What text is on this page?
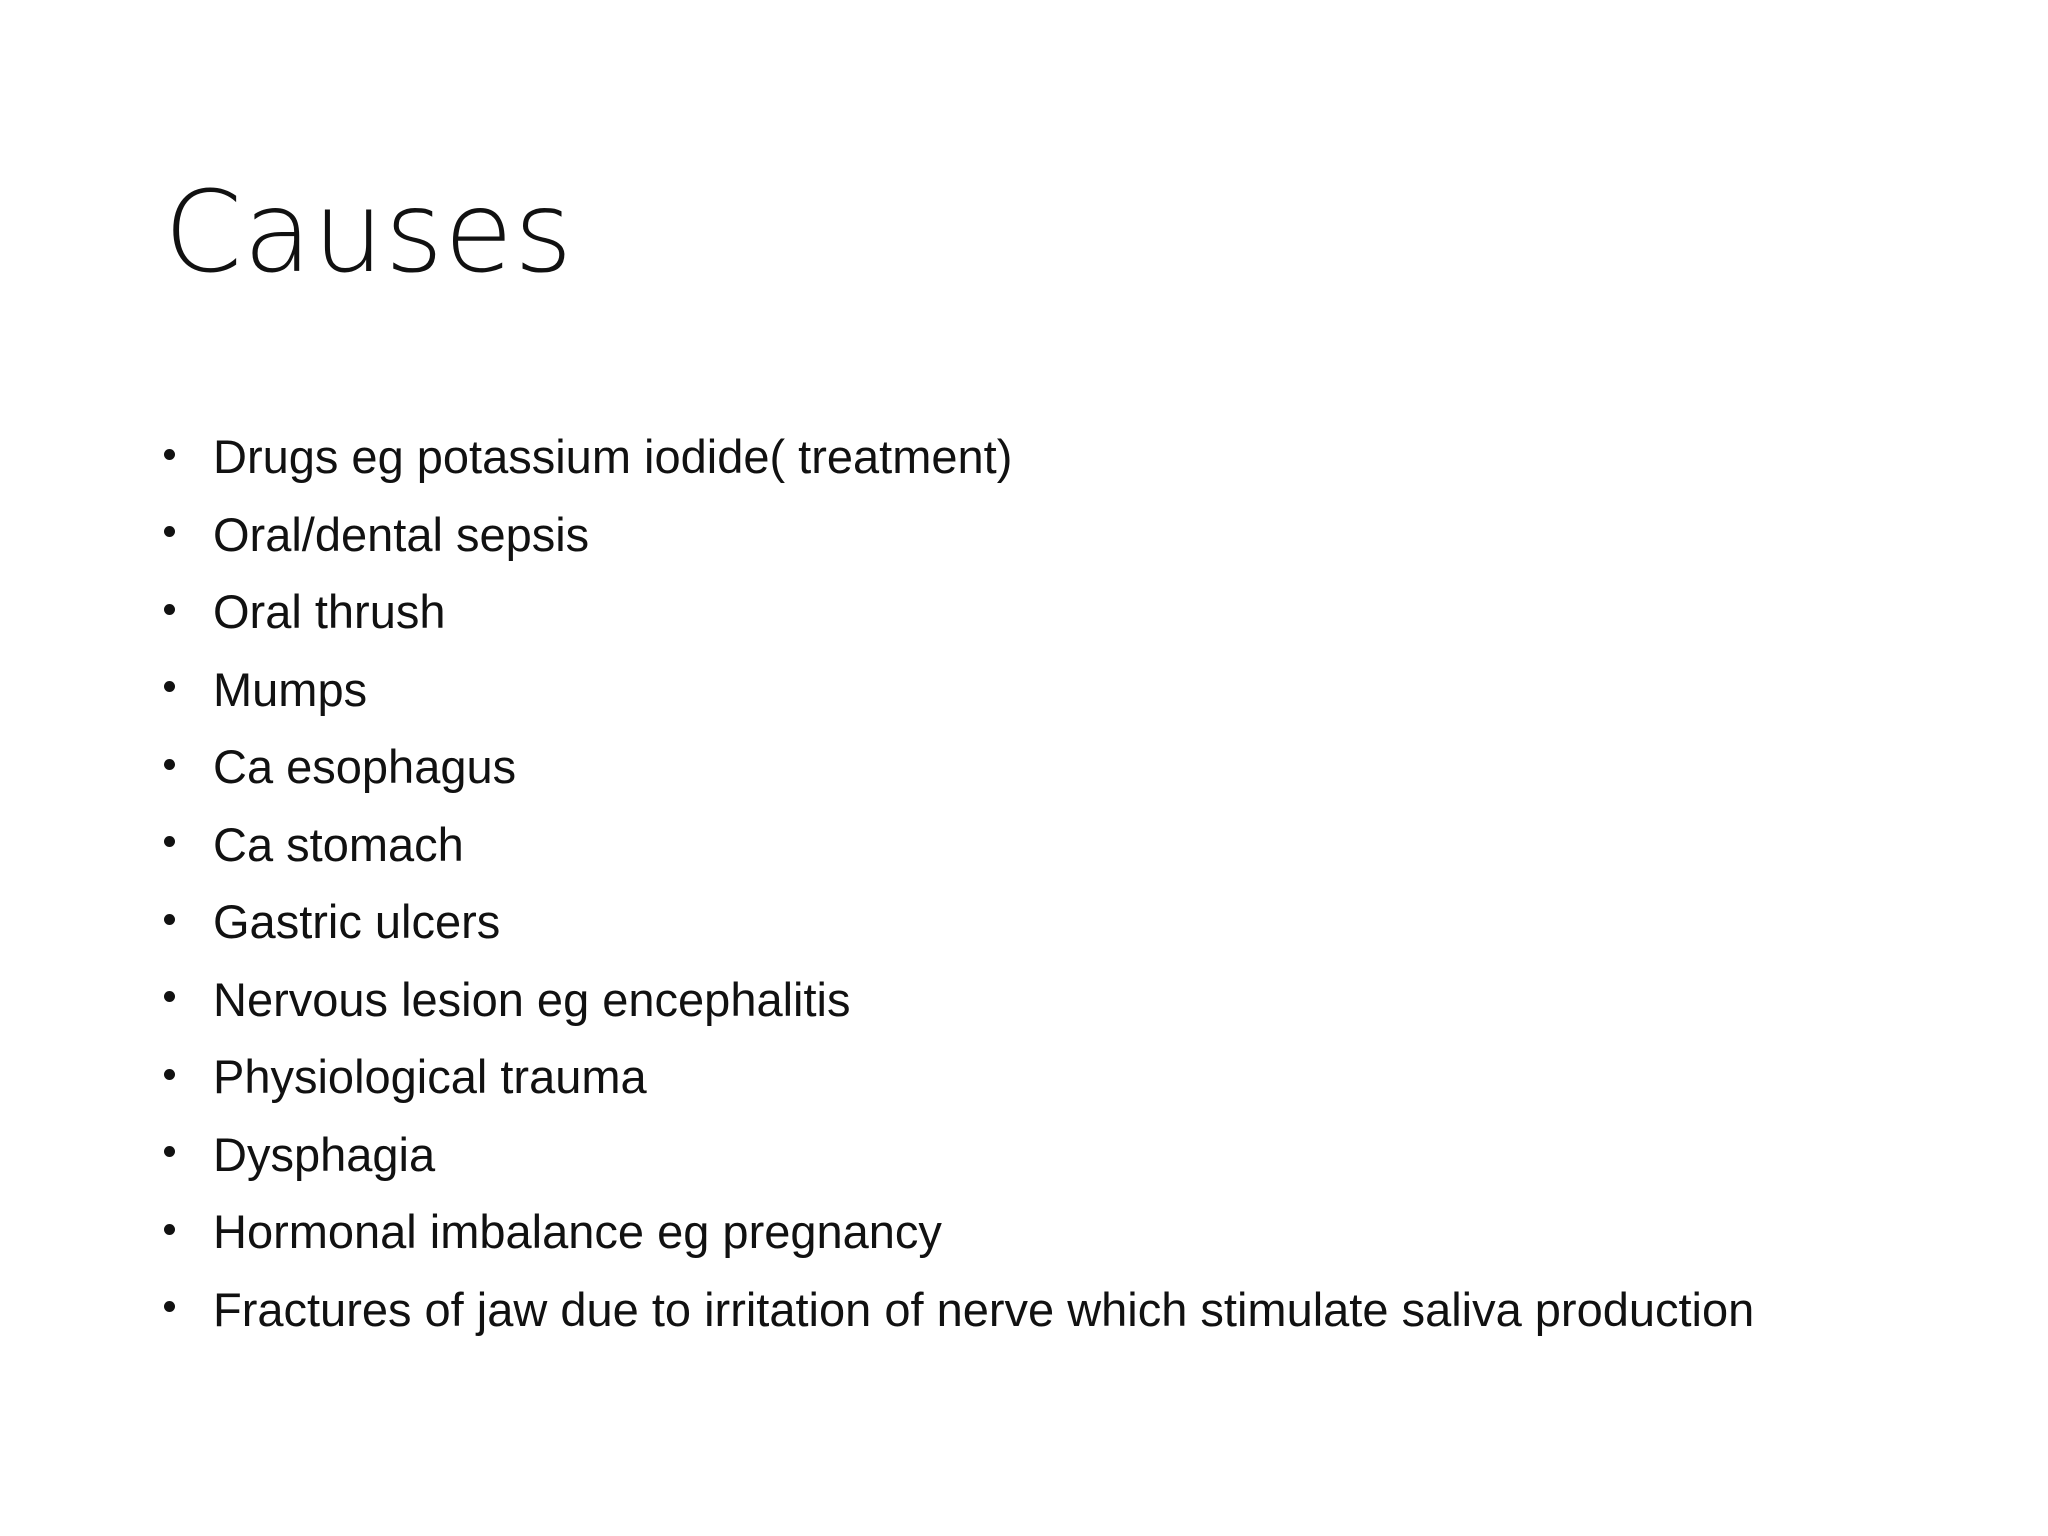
Causes
Drugs eg potassium iodide( treatment)
Oral/dental sepsis
Oral thrush
Mumps
Ca esophagus
Ca stomach
Gastric ulcers
Nervous lesion eg encephalitis
Physiological trauma
Dysphagia
Hormonal imbalance eg pregnancy
Fractures of jaw due to irritation of nerve which stimulate saliva production
